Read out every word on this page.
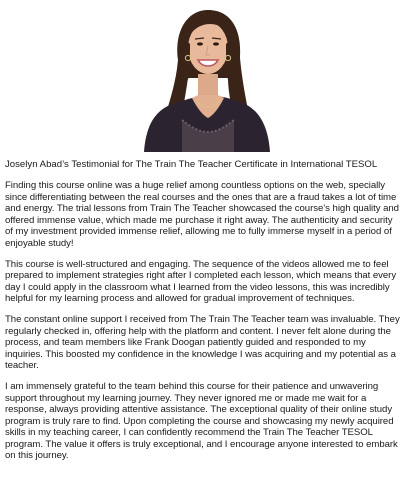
Joselyn Abad’s Testimonial for The Train The Teacher Certificate in International TESOL

Finding this course online was a huge relief among countless options on the web, specially since differentiating between the real courses and the ones that are a fraud takes a lot of time and energy. The trial lessons from Train The Teacher showcased the course’s high quality and offered immense value, which made me purchase it right away. The authenticity and security of my investment provided immense relief, allowing me to fully immerse myself in a period of enjoyable study!

This course is well-structured and engaging. The sequence of the videos allowed me to feel prepared to implement strategies right after I completed each lesson, which means that every day I could apply in the classroom what I learned from the video lessons, this was incredibly helpful for my learning process and allowed for gradual improvement of techniques.

The constant online support I received from The Train The Teacher team was invaluable. They regularly checked in, offering help with the platform and content. I never felt alone during the process, and team members like Frank Doogan patiently guided and responded to my inquiries. This boosted my confidence in the knowledge I was acquiring and my potential as a teacher.

I am immensely grateful to the team behind this course for their patience and unwavering support throughout my learning journey. They never ignored me or made me wait for a response, always providing attentive assistance. The exceptional quality of their online study program is truly rare to find. Upon completing the course and showcasing my newly acquired skills in my teaching career, I can confidently recommend the Train The Teacher TESOL program. The value it offers is truly exceptional, and I encourage anyone interested to embark on this journey.
